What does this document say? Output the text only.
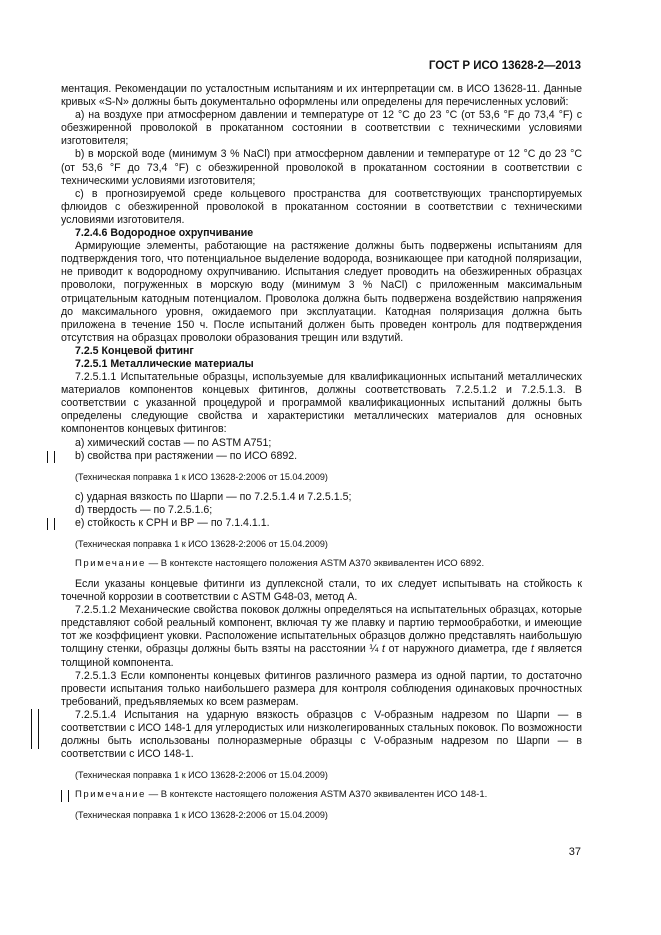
ГОСТ Р ИСО 13628-2—2013

ментация. Рекомендации по усталостным испытаниям и их интерпретации см. в ИСО 13628-11. Данные кривых «S-N» должны быть документально оформлены или определены для перечисленных условий:

а) на воздухе при атмосферном давлении и температуре от 12 °C до 23 °C (от 53,6 °F до 73,4 °F) с обезжиренной проволокой в прокатанном состоянии в соответствии с техническими условиями изготовителя;

b) в морской воде (минимум 3 % NaCl) при атмосферном давлении и температуре от 12 °C до 23 °C (от 53,6 °F до 73,4 °F) с обезжиренной проволокой в прокатанном состоянии в соответствии с техническими условиями изготовителя;

с) в прогнозируемой среде кольцевого пространства для соответствующих транспортируемых флюидов с обезжиренной проволокой в прокатанном состоянии в соответствии с техническими условиями изготовителя.

7.2.4.6 Водородное охрупчивание

Армирующие элементы, работающие на растяжение должны быть подвержены испытаниям для подтверждения того, что потенциальное выделение водорода, возникающее при катодной поляризации, не приводит к водородному охрупчиванию. Испытания следует проводить на обезжиренных образцах проволоки, погруженных в морскую воду (минимум 3 % NaCl) с приложенным максимальным отрицательным катодным потенциалом. Проволока должна быть подвержена воздействию напряжения до максимального уровня, ожидаемого при эксплуатации. Катодная поляризация должна быть приложена в течение 150 ч. После испытаний должен быть проведен контроль для подтверждения отсутствия на образцах проволоки образования трещин или вздутий.

7.2.5 Концевой фитинг

7.2.5.1 Металлические материалы

7.2.5.1.1 Испытательные образцы, используемые для квалификационных испытаний металлических материалов компонентов концевых фитингов, должны соответствовать 7.2.5.1.2 и 7.2.5.1.3. В соответствии с указанной процедурой и программой квалификационных испытаний должны быть определены следующие свойства и характеристики металлических материалов для основных компонентов концевых фитингов:

а) химический состав — по ASTM A751;

b) свойства при растяжении — по ИСО 6892.

(Техническая поправка 1 к ИСО 13628-2:2006 от 15.04.2009)

с) ударная вязкость по Шарпи — по 7.2.5.1.4 и 7.2.5.1.5;

d) твердость — по 7.2.5.1.6;

е) стойкость к СРН и ВР — по 7.1.4.1.1.

(Техническая поправка 1 к ИСО 13628-2:2006 от 15.04.2009)

Примечание — В контексте настоящего положения ASTM A370 эквивалентен ИСО 6892.

Если указаны концевые фитинги из дуплексной стали, то их следует испытывать на стойкость к точечной коррозии в соответствии с ASTM G48-03, метод А.

7.2.5.1.2 Механические свойства поковок должны определяться на испытательных образцах, которые представляют собой реальный компонент, включая ту же плавку и партию термообработки, и имеющие тот же коэффициент уковки. Расположение испытательных образцов должно представлять наибольшую толщину стенки, образцы должны быть взяты на расстоянии ¼ t от наружного диаметра, где t является толщиной компонента.

7.2.5.1.3 Если компоненты концевых фитингов различного размера из одной партии, то достаточно провести испытания только наибольшего размера для контроля соблюдения одинаковых прочностных требований, предъявляемых ко всем размерам.

7.2.5.1.4 Испытания на ударную вязкость образцов с V-образным надрезом по Шарпи — в соответствии с ИСО 148-1 для углеродистых или низколегированных стальных поковок. По возможности должны быть использованы полноразмерные образцы с V-образным надрезом по Шарпи — в соответствии с ИСО 148-1.

(Техническая поправка 1 к ИСО 13628-2:2006 от 15.04.2009)

Примечание — В контексте настоящего положения ASTM A370 эквивалентен ИСО 148-1.

(Техническая поправка 1 к ИСО 13628-2:2006 от 15.04.2009)

37
